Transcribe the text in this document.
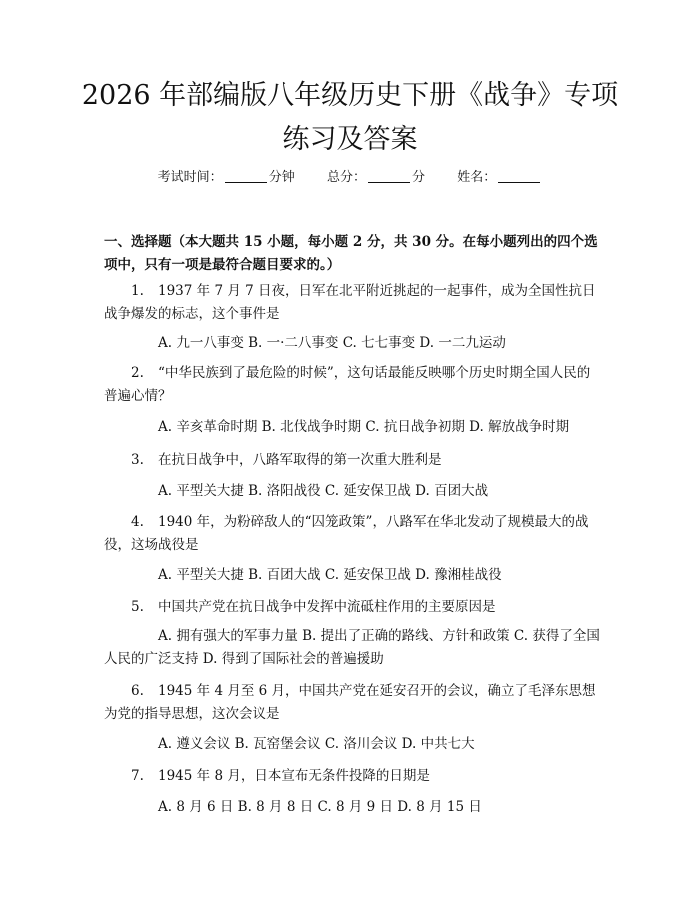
2026 年部编版八年级历史下册《战争》专项
练习及答案
考试时间：	分钟 总分：	分 姓名：
一、选择题（本大题共 15 小题，每小题 2 分，共 30 分。在每小题列出的四个选项中，只有一项是最符合题目要求的。）
1. 1937 年 7 月 7 日夜，日军在北平附近挑起的一起事件，成为全国性抗日战争爆发的标志，这个事件是
A. 九一八事变 B. 一·二八事变 C. 七七事变 D. 一二九运动
2. “中华民族到了最危险的时候”，这句话最能反映哪个历史时期全国人民的普遍心情？
A. 辛亥革命时期 B. 北伐战争时期 C. 抗日战争初期 D. 解放战争时期
3. 在抗日战争中，八路军取得的第一次重大胜利是
A. 平型关大捷 B. 洛阳战役 C. 延安保卫战 D. 百团大战
4. 1940 年，为粉碎敌人的“囚笼政策”，八路军在华北发动了规模最大的战役，这场战役是
A. 平型关大捷 B. 百团大战 C. 延安保卫战 D. 豫湘桂战役
5. 中国共产党在抗日战争中发挥中流砥柱作用的主要原因是
A. 拥有强大的军事力量 B. 提出了正确的路线、方针和政策 C. 获得了全国人民的广泛支持 D. 得到了国际社会的普遍援助
6. 1945 年 4 月至 6 月，中国共产党在延安召开的会议，确立了毛泽东思想为党的指导思想，这次会议是
A. 遵义会议 B. 瓦窑堡会议 C. 洛川会议 D. 中共七大
7. 1945 年 8 月，日本宣布无条件投降的日期是
A. 8 月 6 日 B. 8 月 8 日 C. 8 月 9 日 D. 8 月 15 日
